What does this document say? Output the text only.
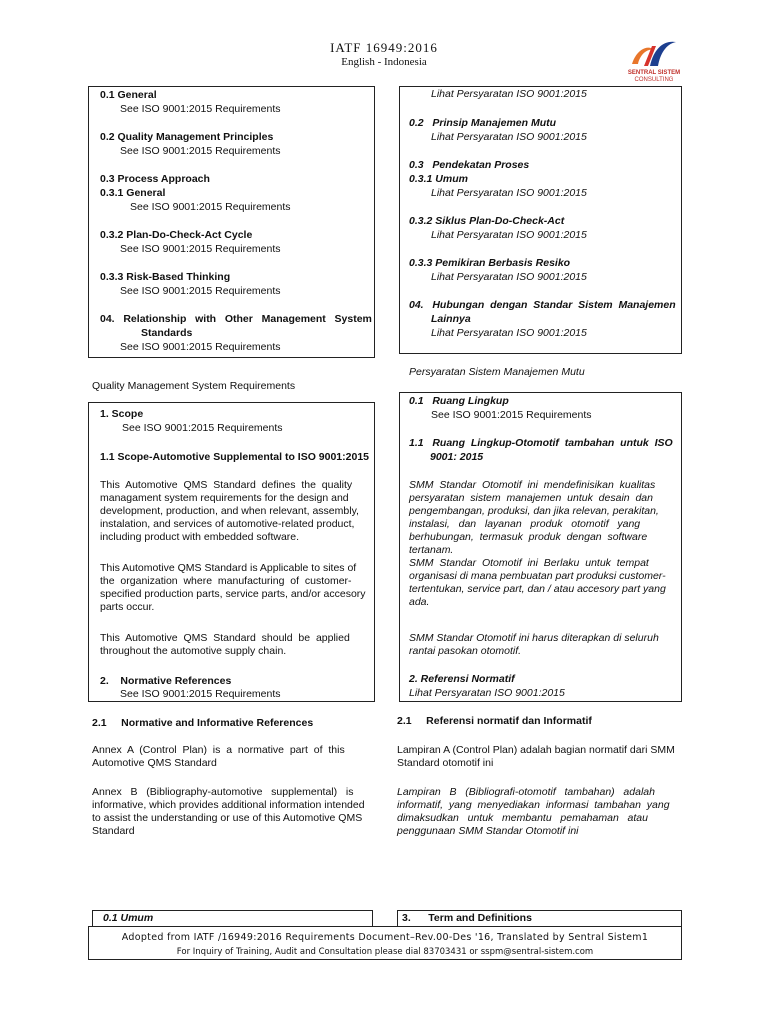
IATF 16949:2016
English - Indonesia
SENTRAL SISTEM
CONSULTING
0.1 General
See ISO 9001:2015 Requirements
0.2 Quality Management Principles
See ISO 9001:2015 Requirements
0.3 Process Approach
0.3.1 General
See ISO 9001:2015 Requirements
0.3.2 Plan-Do-Check-Act Cycle
See ISO 9001:2015 Requirements
0.3.3 Risk-Based Thinking
See ISO 9001:2015 Requirements
04.   Relationship   with   Other   Management   System
Standards
See ISO 9001:2015 Requirements
Quality Management System Requirements
1. Scope
See ISO 9001:2015 Requirements
1.1 Scope-Automotive Supplemental to ISO 9001:2015
This  Automotive  QMS  Standard  defines  the  quality
managament system requirements for the design and
development, production, and when relevant, assembly,
instalation, and services of automotive-related product,
including product with embedded software.
This Automotive QMS Standard is Applicable to sites of
the  organization  where  manufacturing  of  customer-
specified production parts, service parts, and/or accesory
parts occur.
This  Automotive  QMS  Standard  should  be  applied
throughout the automotive supply chain.
2.    Normative References
See ISO 9001:2015 Requirements
2.1     Normative and Informative References
Annex  A  (Control  Plan)  is  a  normative  part  of  this
Automotive QMS Standard
Annex   B   (Bibliography-automotive   supplemental)   is
informative, which provides additional information intended
to assist the understanding or use of this Automotive QMS
Standard
0.1 Umum
Lihat Persyaratan ISO 9001:2015
0.2   Prinsip Manajemen Mutu
Lihat Persyaratan ISO 9001:2015
0.3   Pendekatan Proses
0.3.1 Umum
Lihat Persyaratan ISO 9001:2015
0.3.2 Siklus Plan-Do-Check-Act
Lihat Persyaratan ISO 9001:2015
0.3.3 Pemikiran Berbasis Resiko
Lihat Persyaratan ISO 9001:2015
04.   Hubungan  dengan  Standar  Sistem  Manajemen
Lainnya
Lihat Persyaratan ISO 9001:2015
Persyaratan Sistem Manajemen Mutu
0.1   Ruang Lingkup
See ISO 9001:2015 Requirements
1.1   Ruang  Lingkup-Otomotif  tambahan  untuk  ISO
9001: 2015
SMM  Standar  Otomotif  ini  mendefinisikan  kualitas
persyaratan  sistem  manajemen  untuk  desain  dan
pengembangan, produksi, dan jika relevan, perakitan,
instalasi,   dan   layanan   produk   otomotif   yang
berhubungan,  termasuk  produk  dengan  software
tertanam.
SMM  Standar  Otomotif  ini  Berlaku  untuk  tempat
organisasi di mana pembuatan part produksi customer-
tertentukan, service part, dan / atau accesory part yang
ada.
SMM Standar Otomotif ini harus diterapkan di seluruh
rantai pasokan otomotif.
2. Referensi Normatif
Lihat Persyaratan ISO 9001:2015
2.1     Referensi normatif dan Informatif
Lampiran A (Control Plan) adalah bagian normatif dari SMM
Standard otomotif ini
Lampiran   B   (Bibliografi-otomotif   tambahan)   adalah
informatif,  yang  menyediakan  informasi  tambahan  yang
dimaksudkan   untuk   membantu   pemahaman   atau
penggunaan SMM Standar Otomotif ini
3.      Term and Definitions
Adopted from IATF /16949:2016 Requirements Document–Rev.00-Des '16, Translated by Sentral Sistem1
For Inquiry of Training, Audit and Consultation please dial 83703431 or sspm@sentral-sistem.com
